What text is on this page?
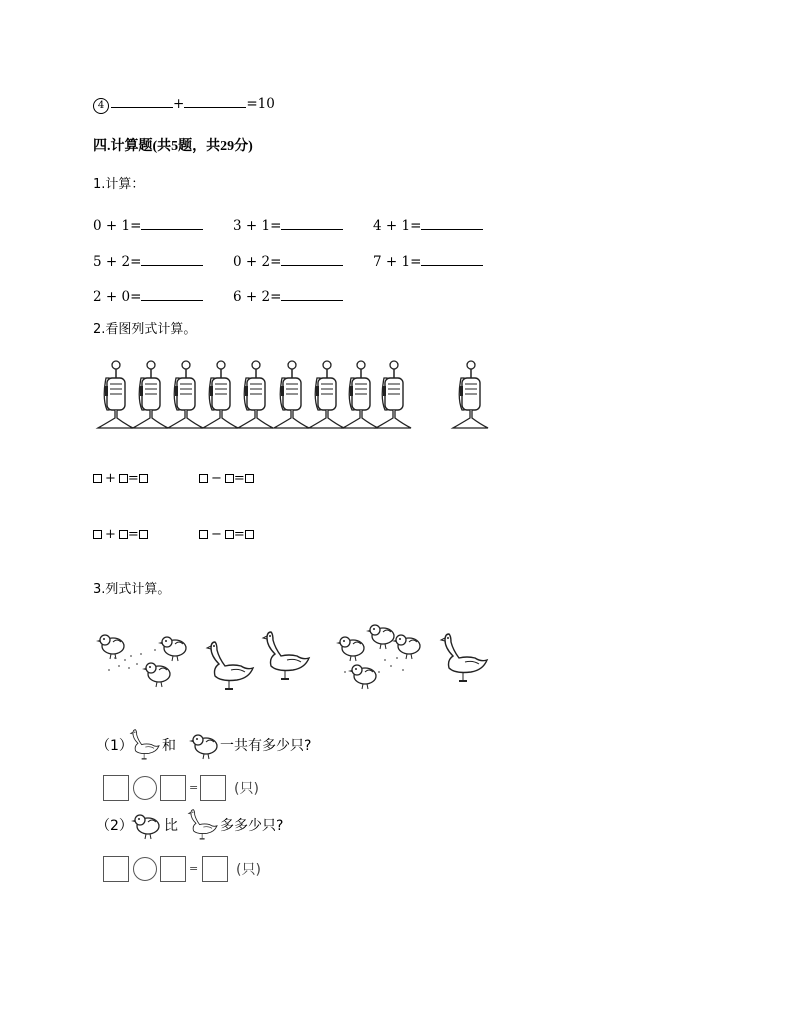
4	+	=10
四.计算题(共5题，共29分)
1.计算：
0 + 1=	3 + 1=	4 + 1=
5 + 2=	0 + 2=	7 + 1=
2 + 0=	6 + 2=
2.看图列式计算。
+ =	− =
+ =	− =
3.列式计算。
（1） 和	一共有多少只?
=	(只)
（2） 比	多多少只?
=	(只)
